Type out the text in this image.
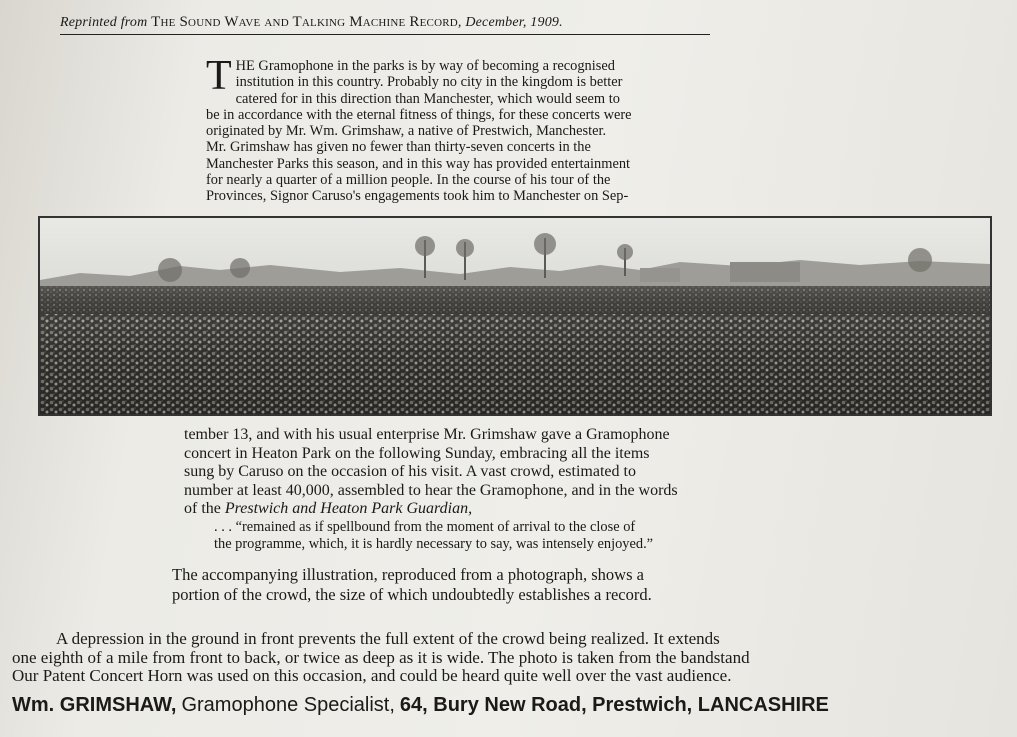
Reprinted from The Sound Wave and Talking Machine Record, December, 1909.
T HE Gramophone in the parks is by way of becoming a recognised
institution in this country. Probably no city in the kingdom is better
catered for in this direction than Manchester, which would seem to
be in accordance with the eternal fitness of things, for these concerts were
originated by Mr. Wm. Grimshaw, a native of Prestwich, Manchester.
Mr. Grimshaw has given no fewer than thirty-seven concerts in the
Manchester Parks this season, and in this way has provided entertainment
for nearly a quarter of a million people. In the course of his tour of the
Provinces, Signor Caruso's engagements took him to Manchester on Sep-
tember 13, and with his usual enterprise Mr. Grimshaw gave a Gramophone
concert in Heaton Park on the following Sunday, embracing all the items
sung by Caruso on the occasion of his visit. A vast crowd, estimated to
number at least 40,000, assembled to hear the Gramophone, and in the words
of the Prestwich and Heaton Park Guardian,
. . . “remained as if spellbound from the moment of arrival to the close of
the programme, which, it is hardly necessary to say, was intensely enjoyed.”
The accompanying illustration, reproduced from a photograph, shows a
portion of the crowd, the size of which undoubtedly establishes a record.
A depression in the ground in front prevents the full extent of the crowd being realized. It extends
one eighth of a mile from front to back, or twice as deep as it is wide. The photo is taken from the bandstand
Our Patent Concert Horn was used on this occasion, and could be heard quite well over the vast audience.
Wm. GRIMSHAW, Gramophone Specialist, 64, Bury New Road, Prestwich, LANCASHIRE
